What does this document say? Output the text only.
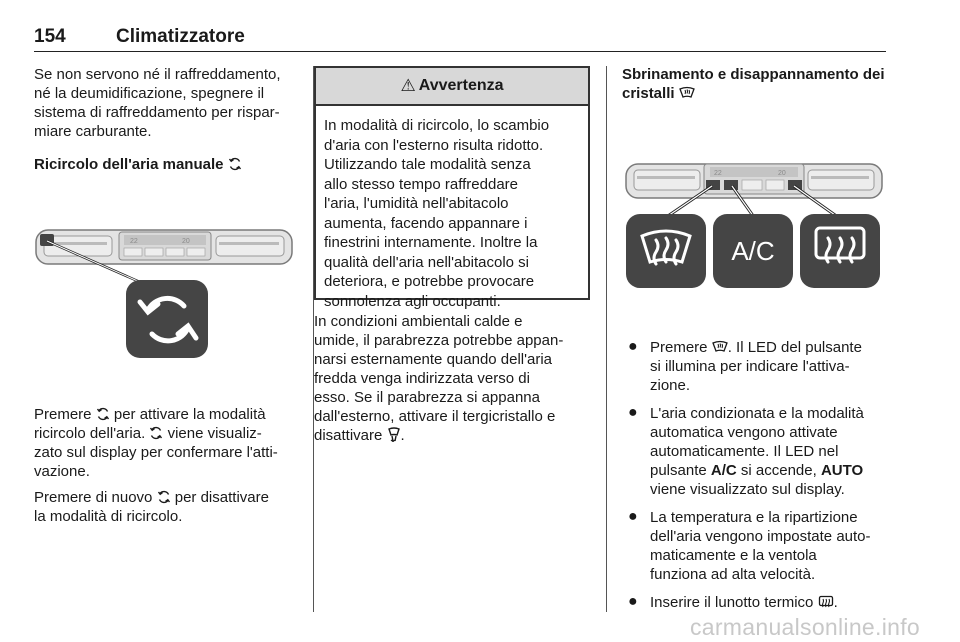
154	Climatizzatore

Se non servono né il raffreddamento,
né la deumidificazione, spegnere il
sistema di raffreddamento per rispar-
miare carburante.

Ricircolo dell'aria manuale

22	20

Premere  per attivare la modalità
ricircolo dell'aria.  viene visualiz-
zato sul display per confermare l'atti-
vazione.

Premere di nuovo  per disattivare
la modalità di ricircolo.

⚠ Avvertenza
In modalità di ricircolo, lo scambio
d'aria con l'esterno risulta ridotto.
Utilizzando tale modalità senza
allo stesso tempo raffreddare
l'aria, l'umidità nell'abitacolo
aumenta, facendo appannare i
finestrini internamente. Inoltre la
qualità dell'aria nell'abitacolo si
deteriora, e potrebbe provocare
sonnolenza agli occupanti.

In condizioni ambientali calde e
umide, il parabrezza potrebbe appan-
narsi esternamente quando dell'aria
fredda venga indirizzata verso di
esso. Se il parabrezza si appanna
dall'esterno, attivare il tergicristallo e
disattivare .

Sbrinamento e disappannamento dei
cristalli

22	20
A/C
● Premere . Il LED del pulsante
si illumina per indicare l'attiva-
zione.
● L'aria condizionata e la modalità
automatica vengono attivate
automaticamente. Il LED nel
pulsante A/C si accende, AUTO
viene visualizzato sul display.
● La temperatura e la ripartizione
dell'aria vengono impostate auto-
maticamente e la ventola
funziona ad alta velocità.
● Inserire il lunotto termico .
carmanualsonline.info
